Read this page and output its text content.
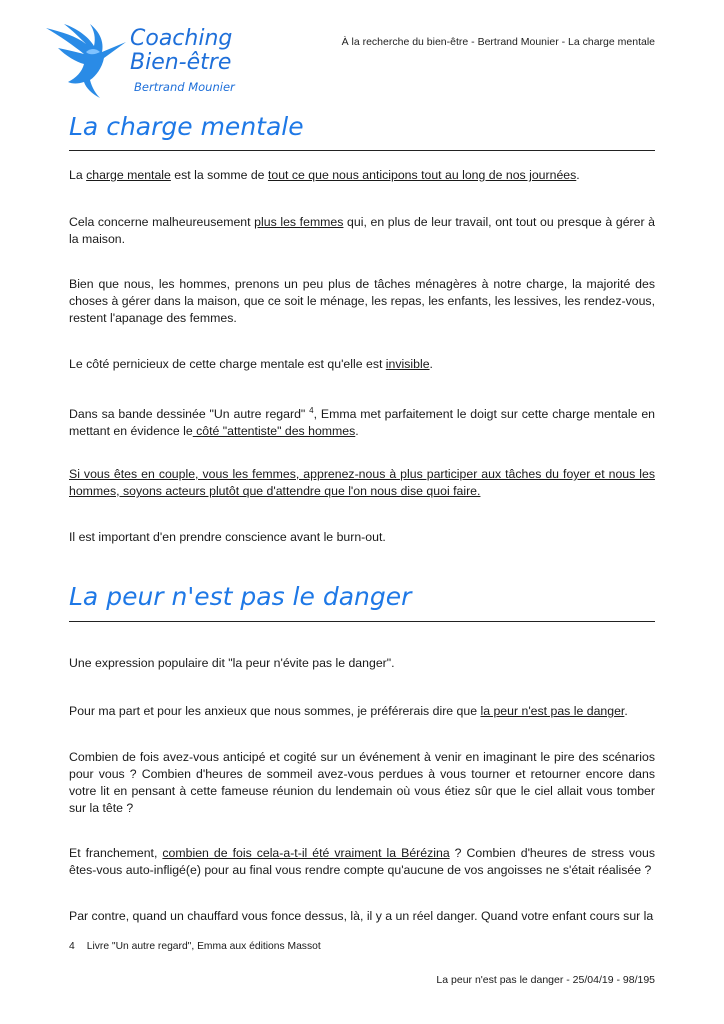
Coaching
Bien-être
Bertrand Mounier
À la recherche du bien-être - Bertrand Mounier - La charge mentale
La charge mentale

La charge mentale est la somme de tout ce que nous anticipons tout au long de nos journées.

Cela concerne malheureusement plus les femmes qui, en plus de leur travail, ont tout ou presque à gérer à la maison.

Bien que nous, les hommes, prenons un peu plus de tâches ménagères à notre charge, la majorité des choses à gérer dans la maison, que ce soit le ménage, les repas, les enfants, les lessives, les rendez-vous, restent l'apanage des femmes.

Le côté pernicieux de cette charge mentale est qu'elle est invisible.

Dans sa bande dessinée "Un autre regard" $^4$, Emma met parfaitement le doigt sur cette charge mentale en mettant en évidence le côté "attentiste" des hommes.

Si vous êtes en couple, vous les femmes, apprenez-nous à plus participer aux tâches du foyer et nous les hommes, soyons acteurs plutôt que d'attendre que l'on nous dise quoi faire.

Il est important d'en prendre conscience avant le burn-out.

La peur n'est pas le danger

Une expression populaire dit "la peur n'évite pas le danger".

Pour ma part et pour les anxieux que nous sommes, je préférerais dire que la peur n'est pas le danger.

Combien de fois avez-vous anticipé et cogité sur un événement à venir en imaginant le pire des scénarios pour vous ? Combien d'heures de sommeil avez-vous perdues à vous tourner et retourner encore dans votre lit en pensant à cette fameuse réunion du lendemain où vous étiez sûr que le ciel allait vous tomber sur la tête ?

Et franchement, combien de fois cela-a-t-il été vraiment la Bérézina ? Combien d'heures de stress vous êtes-vous auto-infligé(e) pour au final vous rendre compte qu'aucune de vos angoisses ne s'était réalisée ?

Par contre, quand un chauffard vous fonce dessus, là, il y a un réel danger. Quand votre enfant cours sur la

4 Livre "Un autre regard", Emma aux éditions Massot
La peur n'est pas le danger - 25/04/19 - 98/195
